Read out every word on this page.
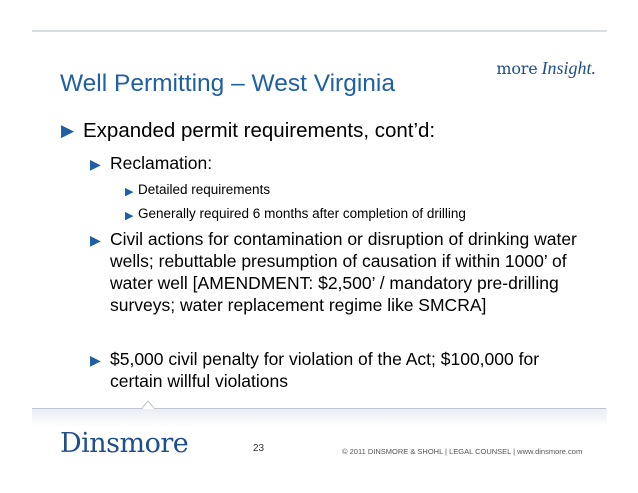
more Insight.
Well Permitting – West Virginia
▶ Expanded permit requirements, cont’d:
▶ Reclamation:
▶ Detailed requirements
▶ Generally required 6 months after completion of drilling
▶ Civil actions for contamination or disruption of drinking water wells; rebuttable presumption of causation if within 1000’ of water well [AMENDMENT: $2,500’ / mandatory pre-drilling surveys; water replacement regime like SMCRA]
▶ $5,000 civil penalty for violation of the Act; $100,000 for certain willful violations
Dinsmore	23	© 2011 DINSMORE & SHOHL | LEGAL COUNSEL | www.dinsmore.com
